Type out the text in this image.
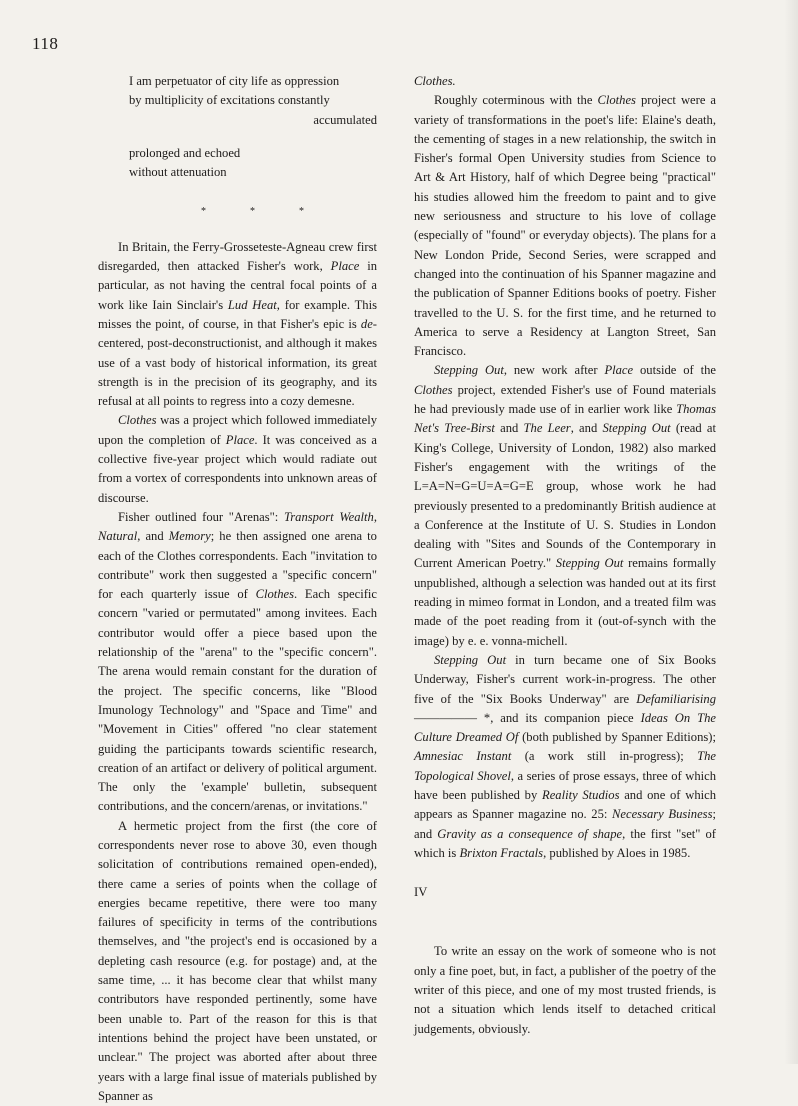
118
I am perpetuator of city life as oppression
by multiplicity of excitations constantly
accumulated
prolonged and echoed
without attenuation
*	*	*

In Britain, the Ferry-Grosseteste-Agneau crew first disregarded, then attacked Fisher's work, Place in particular, as not having the central focal points of a work like Iain Sinclair's Lud Heat, for example. This misses the point, of course, in that Fisher's epic is de-centered, post-deconstructionist, and although it makes use of a vast body of historical information, its great strength is in the precision of its geography, and its refusal at all points to regress into a cozy demesne.

Clothes was a project which followed immediately upon the completion of Place. It was conceived as a collective five-year project which would radiate out from a vortex of correspondents into unknown areas of discourse.

Fisher outlined four "Arenas": Transport Wealth, Natural, and Memory; he then assigned one arena to each of the Clothes correspondents. Each "invitation to contribute" work then suggested a "specific concern" for each quarterly issue of Clothes. Each specific concern "varied or permutated" among invitees. Each contributor would offer a piece based upon the relationship of the "arena" to the "specific concern". The arena would remain constant for the duration of the project. The specific concerns, like "Blood Imunology Technology" and "Space and Time" and "Movement in Cities" offered "no clear statement guiding the participants towards scientific research, creation of an artifact or delivery of political argument. The only the 'example' bulletin, subsequent contributions, and the concern/arenas, or invitations."

A hermetic project from the first (the core of correspondents never rose to above 30, even though solicitation of contributions remained open-ended), there came a series of points when the collage of energies became repetitive, there were too many failures of specificity in terms of the contributions themselves, and "the project's end is occasioned by a depleting cash resource (e.g. for postage) and, at the same time, ... it has become clear that whilst many contributors have responded pertinently, some have been unable to. Part of the reason for this is that intentions behind the project have been unstated, or unclear." The project was aborted after about three years with a large final issue of materials published by Spanner as

Clothes.

Roughly coterminous with the Clothes project were a variety of transformations in the poet's life: Elaine's death, the cementing of stages in a new relationship, the switch in Fisher's formal Open University studies from Science to Art & Art History, half of which Degree being "practical" his studies allowed him the freedom to paint and to give new seriousness and structure to his love of collage (especially of "found" or everyday objects). The plans for a New London Pride, Second Series, were scrapped and changed into the continuation of his Spanner magazine and the publication of Spanner Editions books of poetry. Fisher travelled to the U. S. for the first time, and he returned to America to serve a Residency at Langton Street, San Francisco.

Stepping Out, new work after Place outside of the Clothes project, extended Fisher's use of Found materials he had previously made use of in earlier work like Thomas Net's Tree-Birst and The Leer, and Stepping Out (read at King's College, University of London, 1982) also marked Fisher's engagement with the writings of the L=A=N=G=U=A=G=E group, whose work he had previously presented to a predominantly British audience at a Conference at the Institute of U. S. Studies in London dealing with "Sites and Sounds of the Contemporary in Current American Poetry." Stepping Out remains formally unpublished, although a selection was handed out at its first reading in mimeo format in London, and a treated film was made of the poet reading from it (out-of-synch with the image) by e. e. vonna-michell.

Stepping Out in turn became one of Six Books Underway, Fisher's current work-in-progress. The other five of the "Six Books Underway" are Defamiliarising ————— *, and its companion piece Ideas On The Culture Dreamed Of (both published by Spanner Editions); Amnesiac Instant (a work still in-progress); The Topological Shovel, a series of prose essays, three of which have been published by Reality Studios and one of which appears as Spanner magazine no. 25: Necessary Business; and Gravity as a consequence of shape, the first "set" of which is Brixton Fractals, published by Aloes in 1985.

IV

To write an essay on the work of someone who is not only a fine poet, but, in fact, a publisher of the poetry of the writer of this piece, and one of my most trusted friends, is not a situation which lends itself to detached critical judgements, obviously.
